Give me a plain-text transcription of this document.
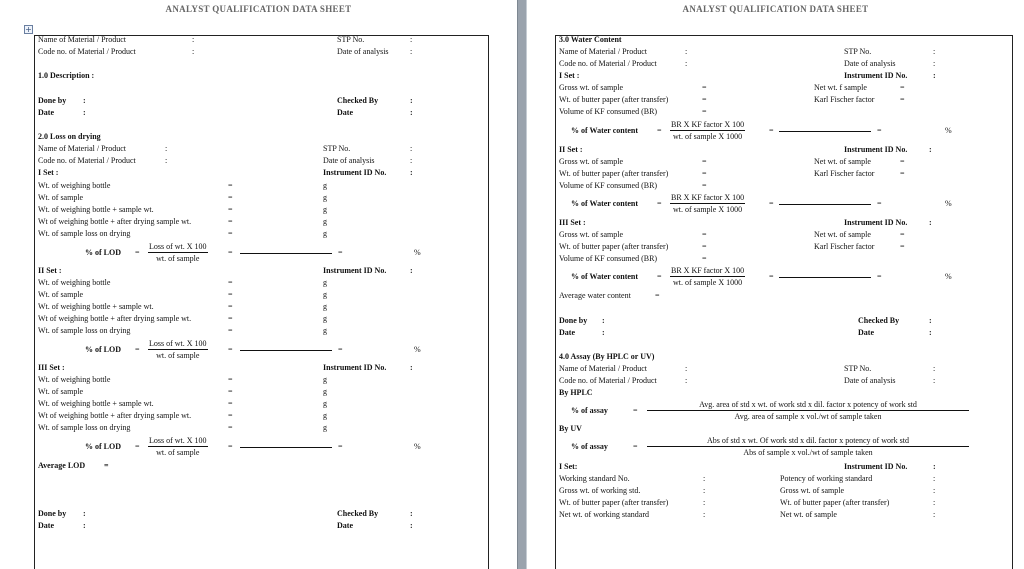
ANALYST QUALIFICATION DATA SHEET
+
Name of Material / Product	:	STP No.	:
Code no. of Material / Product	:	Date of analysis	:
1.0 Description :
Done by :	Checked By	:
Date	:	Date	:
2.0 Loss on drying
Name of Material / Product	:	STP No.	:
Code no. of Material / Product	:	Date of analysis	:
I Set :	Instrument ID No.	:
Wt. of weighing bottle	=	g
Wt. of sample	=	g
Wt. of weighing bottle + sample wt.	=	g
Wt of weighing bottle + after drying sample wt.	=	g
Wt. of sample loss on drying	=	g
% of LOD =
Loss of wt. X 100
wt. of sample
=	=	%
II Set :	Instrument ID No.	:
Wt. of weighing bottle	=	g
Wt. of sample	=	g
Wt. of weighing bottle + sample wt.	=	g
Wt of weighing bottle + after drying sample wt.	=	g
Wt. of sample loss on drying	=	g
% of LOD =
Loss of wt. X 100
wt. of sample
=	=	%
III Set :	Instrument ID No.	:
Wt. of weighing bottle	=	g
Wt. of sample	=	g
Wt. of weighing bottle + sample wt.	=	g
Wt of weighing bottle + after drying sample wt.	=	g
Wt. of sample loss on drying	=	g
% of LOD =
Loss of wt. X 100
wt. of sample
=	=	%
Average LOD =
Done by :	Checked By	:
Date	:	Date	:
ANALYST QUALIFICATION DATA SHEET
3.0 Water Content
Name of Material / Product	:	STP No.	:
Code no. of Material / Product	:	Date of analysis	:
I Set :	Instrument ID No.	:
Gross wt. of sample	=	Net wt. f sample	=
Wt. of butter paper (after transfer)	=	Karl Fischer factor	=
Volume of KF consumed (BR)	=
% of Water content =
BR X KF factor X 100
wt. of sample X 1000
=	=	%
II Set :	Instrument ID No.	:
Gross wt. of sample	=	Net wt. of sample	=
Wt. of butter paper (after transfer)	=	Karl Fischer factor	=
Volume of KF consumed (BR)	=
% of Water content =
BR X KF factor X 100
wt. of sample X 1000
=	=	%
III Set :	Instrument ID No.	:
Gross wt. of sample	=	Net wt. of sample	=
Wt. of butter paper (after transfer)	=	Karl Fischer factor	=
Volume of KF consumed (BR)	=
% of Water content =
BR X KF factor X 100
wt. of sample X 1000
=	=	%
Average water content	=
Done by :	Checked By	:
Date	:	Date	:
4.0 Assay (By HPLC or UV)
Name of Material / Product	:	STP No.	:
Code no. of Material / Product	:	Date of analysis	:
By HPLC
% of assay	=
Avg. area of std x wt. of work std x dil. factor x potency of work std
Avg. area of sample x vol./wt of sample taken
By UV
% of assay	=
Abs of std x wt. Of work std x dil. factor x potency of work std
Abs of sample x vol./wt of sample taken
I Set:	Instrument ID No.	:
Working standard No.	:	Potency of working standard	:
Gross wt. of working std.	:	Gross wt. of sample	:
Wt. of butter paper (after transfer)	:	Wt. of butter paper (after transfer)	:
Net wt. of working standard	:	Net wt. of sample	:
